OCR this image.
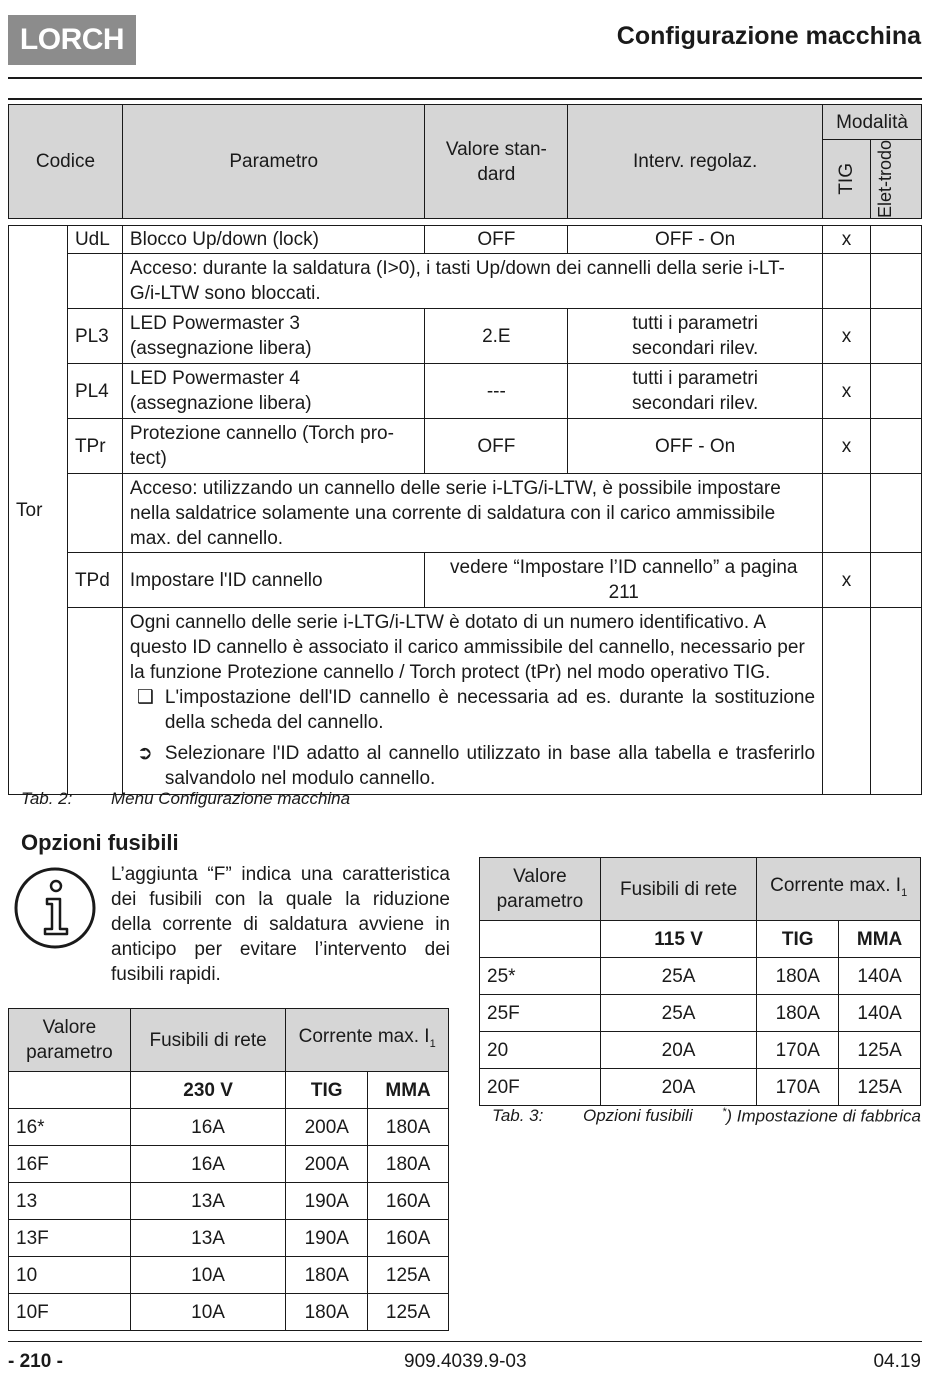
LORCH	Configurazione macchina
Codice		Parametro	Valore stan-dard	Interv. regolaz.	Modalità	

					TIG	Elet-trodo

Tor	UdL	Blocco Up/down (lock)	OFF	OFF - On	x	
		Acceso: durante la saldatura (I>0), i tasti Up/down dei cannelli della serie i-LT-G/i-LTW sono bloccati.				
	PL3	LED Powermaster 3 (assegnazione libera)	2.E	tutti i parametri secondari rilev.	x	
	PL4	LED Powermaster 4 (assegnazione libera)	---	tutti i parametri secondari rilev.	x	
	TPr	Protezione cannello (Torch pro-tect)	OFF	OFF - On	x	
		Acceso: utilizzando un cannello delle serie i-LTG/i-LTW, è possibile impostare nella saldatrice solamente una corrente di saldatura con il carico ammissibile max. del cannello.				
	TPd	Impostare l'ID cannello	vedere “Impostare l’ID cannello” a pagina 211		x	

		Ogni cannello delle serie i-LTG/i-LTW è dotato di un numero identificativo. A questo ID cannello è associato il carico ammissibile del cannello, necessario per la funzione Protezione cannello / Torch protect (tPr) nel modo operativo TIG.
❑ L'impostazione dell'ID cannello è necessaria ad es. durante la sostituzione della scheda del cannello.
➲ Selezionare l'ID adatto al cannello utilizzato in base alla tabella e trasferirlo salvandolo nel modulo cannello.				

Tab. 2: Menu Configurazione macchina
Opzioni fusibili
L’aggiunta “F” indica una caratteristica dei fusibili con la quale la riduzione della corrente di saldatura avviene in anticipo per evitare l’intervento dei fusibili rapidi.
Valore parametro	Fusibili di rete	Corrente max. $I_1$
	230 V	TIG	MMA
16*	16A	200A	180A
16F	16A	200A	180A
13	13A	190A	160A
13F	13A	190A	160A
10	10A	180A	125A
10F	10A	180A	125A
Valore parametro	Fusibili di rete	Corrente max. $I_1$
	115 V	TIG	MMA
25*	25A	180A	140A
25F	25A	180A	140A
20	20A	170A	125A
20F	20A	170A	125A
Tab. 3: Opzioni fusibili	*) Impostazione di fabbrica
- 210 -	909.4039.9-03	04.19
